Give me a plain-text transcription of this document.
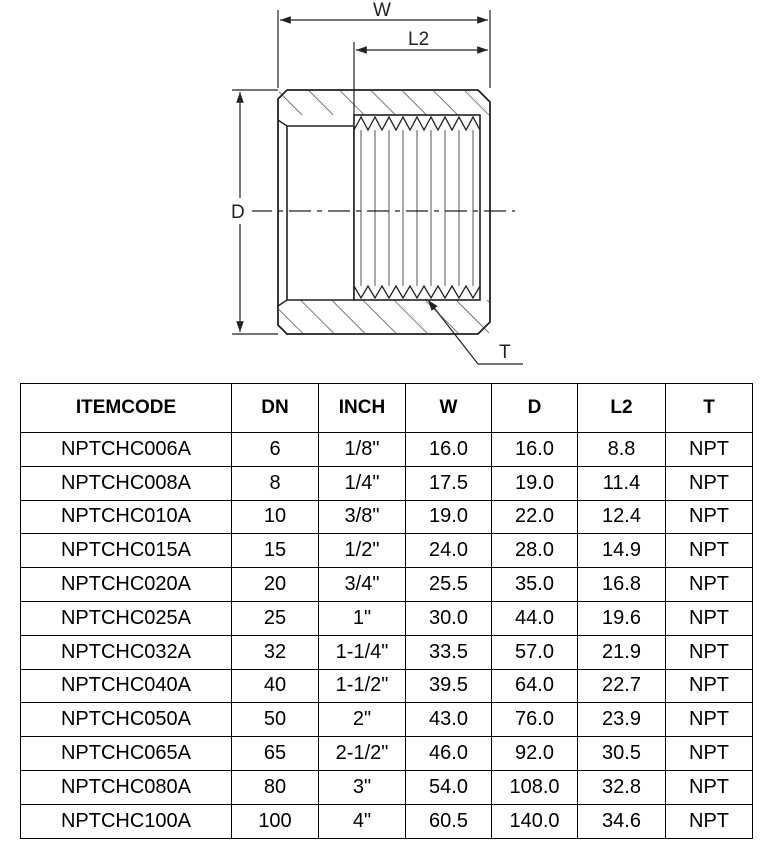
W
L2
D
T
ITEMCODE	DN	INCH	W	D	L2	T
NPTCHC006A	6	1/8"	16.0	16.0	8.8	NPT
NPTCHC008A	8	1/4"	17.5	19.0	11.4	NPT
NPTCHC010A	10	3/8"	19.0	22.0	12.4	NPT
NPTCHC015A	15	1/2"	24.0	28.0	14.9	NPT
NPTCHC020A	20	3/4"	25.5	35.0	16.8	NPT
NPTCHC025A	25	1"	30.0	44.0	19.6	NPT
NPTCHC032A	32	1-1/4"	33.5	57.0	21.9	NPT
NPTCHC040A	40	1-1/2"	39.5	64.0	22.7	NPT
NPTCHC050A	50	2"	43.0	76.0	23.9	NPT
NPTCHC065A	65	2-1/2"	46.0	92.0	30.5	NPT
NPTCHC080A	80	3"	54.0	108.0	32.8	NPT
NPTCHC100A	100	4"	60.5	140.0	34.6	NPT
